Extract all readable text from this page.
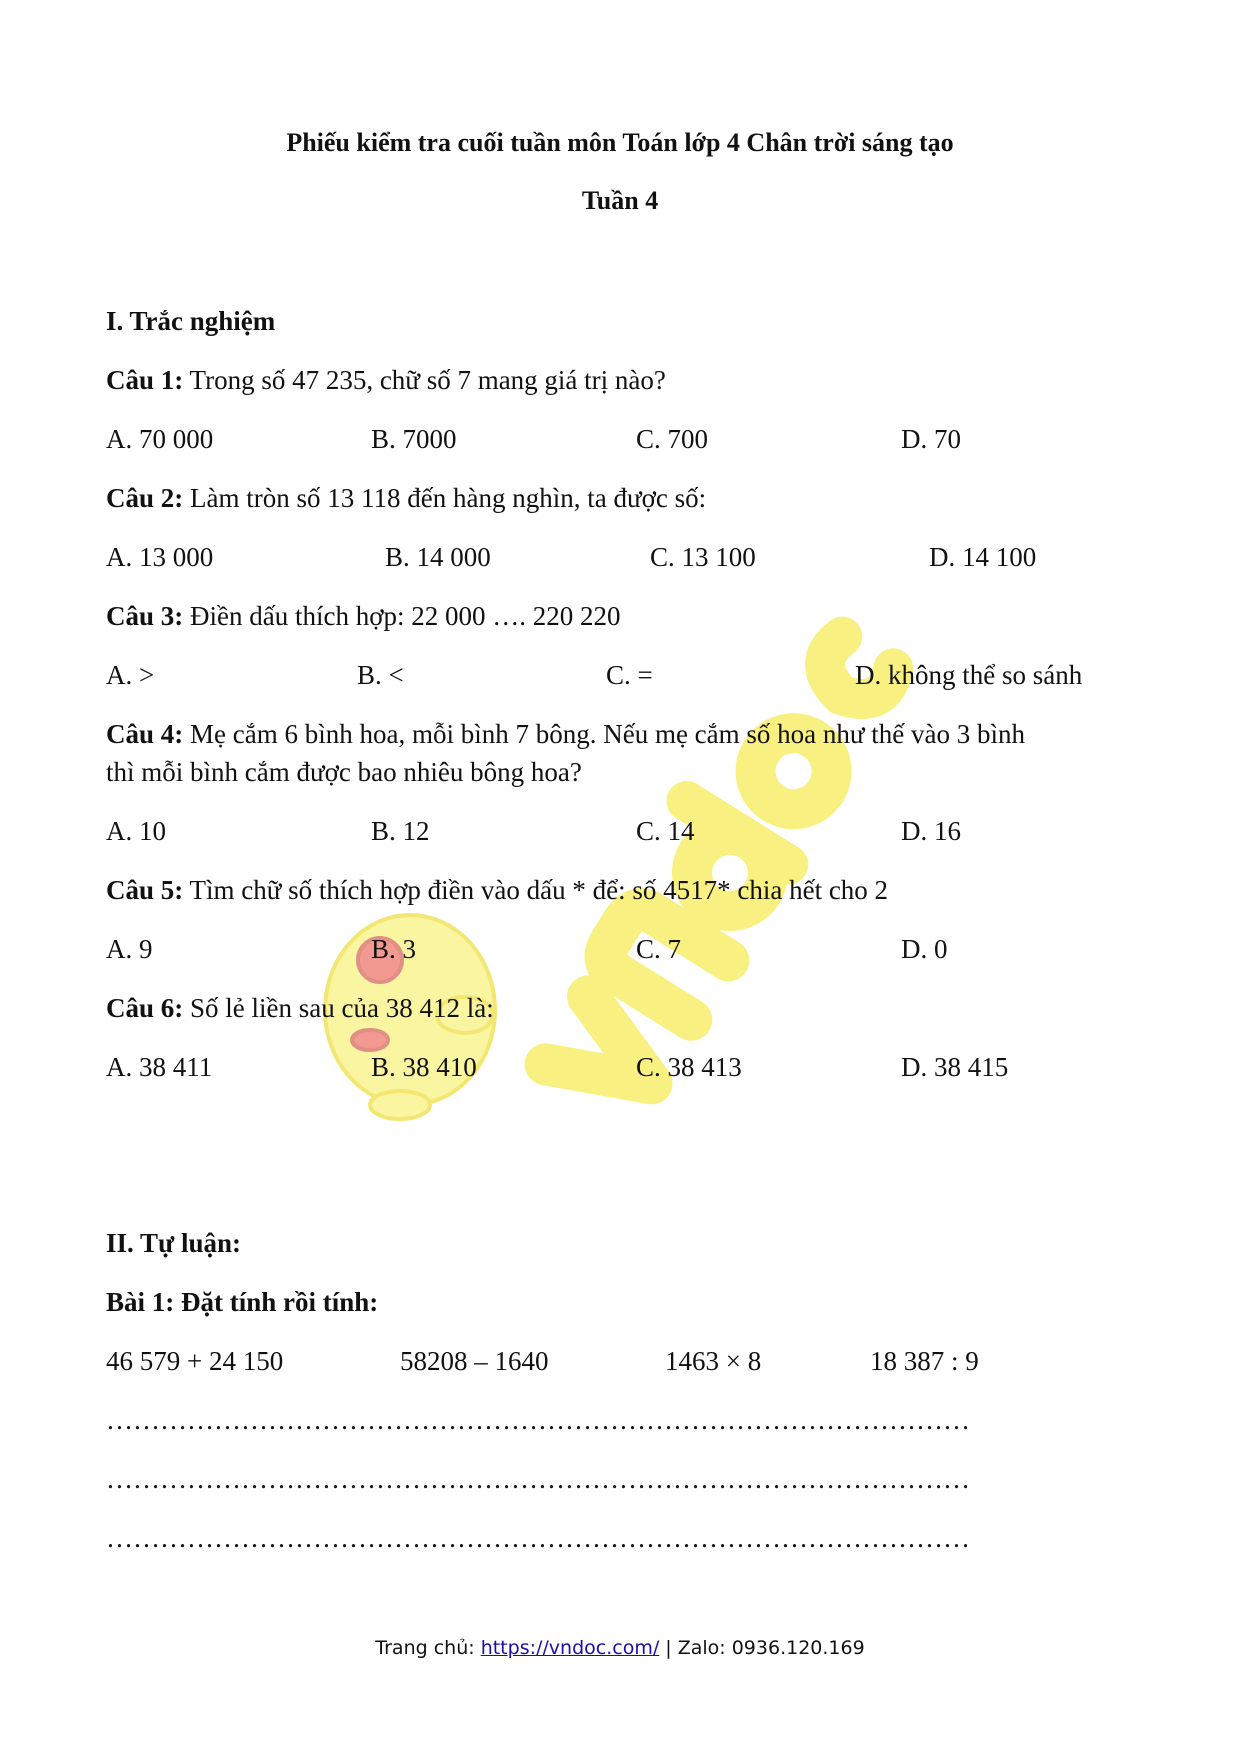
Phiếu kiểm tra cuối tuần môn Toán lớp 4 Chân trời sáng tạo
Tuần 4
I. Trắc nghiệm
Câu 1: Trong số 47 235, chữ số 7 mang giá trị nào?
A. 70 000	B. 7000	C. 700	D. 70
Câu 2: Làm tròn số 13 118 đến hàng nghìn, ta được số:
A. 13 000	B. 14 000	C. 13 100	D. 14 100
Câu 3: Điền dấu thích hợp: 22 000 …. 220 220
A. >	B. <	C. =	D. không thể so sánh
Câu 4: Mẹ cắm 6 bình hoa, mỗi bình 7 bông. Nếu mẹ cắm số hoa như thế vào 3 bình
thì mỗi bình cắm được bao nhiêu bông hoa?
A. 10	B. 12	C. 14	D. 16
Câu 5: Tìm chữ số thích hợp điền vào dấu * để: số 4517* chia hết cho 2
A. 9	B. 3	C. 7	D. 0
Câu 6: Số lẻ liền sau của 38 412 là:
A. 38 411	B. 38 410	C. 38 413	D. 38 415
II. Tự luận:
Bài 1: Đặt tính rồi tính:
46 579 + 24 150	58208 – 1640	1463 × 8	18 387 : 9
……………………………………………………………………………………
……………………………………………………………………………………
……………………………………………………………………………………
Trang chủ: https://vndoc.com/ | Zalo: 0936.120.169
